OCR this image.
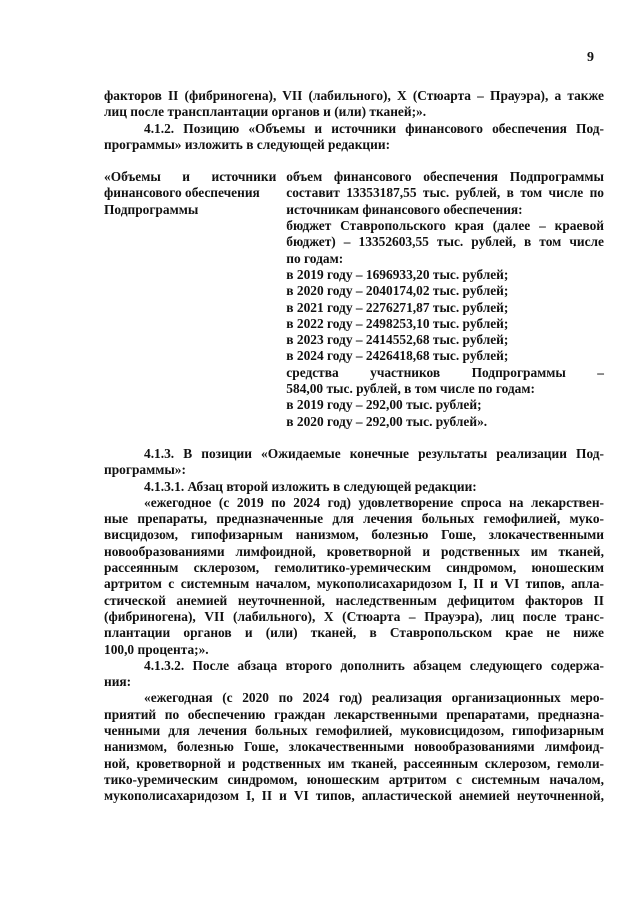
9

факторов II (фибриногена), VII (лабильного), X (Стюарта – Прауэра), а также
лиц после трансплантации органов и (или) тканей;».

4.1.2. Позицию «Объемы и источники финансового обеспечения Под-
программы» изложить в следующей редакции:

«Объемы и источники
финансового обеспечения
Подпрограммы
объем финансового обеспечения Подпрограммы
составит 13353187,55 тыс. рублей, в том числе по
источникам финансового обеспечения:
бюджет Ставропольского края (далее – краевой
бюджет) – 13352603,55 тыс. рублей, в том числе
по годам:
в 2019 году – 1696933,20 тыс. рублей;
в 2020 году – 2040174,02 тыс. рублей;
в 2021 году – 2276271,87 тыс. рублей;
в 2022 году – 2498253,10 тыс. рублей;
в 2023 году – 2414552,68 тыс. рублей;
в 2024 году – 2426418,68 тыс. рублей;
средства участников Подпрограммы –
584,00 тыс. рублей, в том числе по годам:
в 2019 году – 292,00 тыс. рублей;
в 2020 году – 292,00 тыс. рублей».

4.1.3. В позиции «Ожидаемые конечные результаты реализации Под-
программы»:

4.1.3.1. Абзац второй изложить в следующей редакции:

«ежегодное (с 2019 по 2024 год) удовлетворение спроса на лекарствен-
ные препараты, предназначенные для лечения больных гемофилией, муко-
висцидозом, гипофизарным нанизмом, болезнью Гоше, злокачественными
новообразованиями лимфоидной, кроветворной и родственных им тканей,
рассеянным склерозом, гемолитико-уремическим синдромом, юношеским
артритом с системным началом, мукополисахаридозом I, II и VI типов, апла-
стической анемией неуточненной, наследственным дефицитом факторов II
(фибриногена), VII (лабильного), X (Стюарта – Прауэра), лиц после транс-
плантации органов и (или) тканей, в Ставропольском крае не ниже
100,0 процента;».

4.1.3.2. После абзаца второго дополнить абзацем следующего содержа-
ния:

«ежегодная (с 2020 по 2024 год) реализация организационных меро-
приятий по обеспечению граждан лекарственными препаратами, предназна-
ченными для лечения больных гемофилией, муковисцидозом, гипофизарным
нанизмом, болезнью Гоше, злокачественными новообразованиями лимфоид-
ной, кроветворной и родственных им тканей, рассеянным склерозом, гемоли-
тико-уремическим синдромом, юношеским артритом с системным началом,
мукополисахаридозом I, II и VI типов, апластической анемией неуточненной,
